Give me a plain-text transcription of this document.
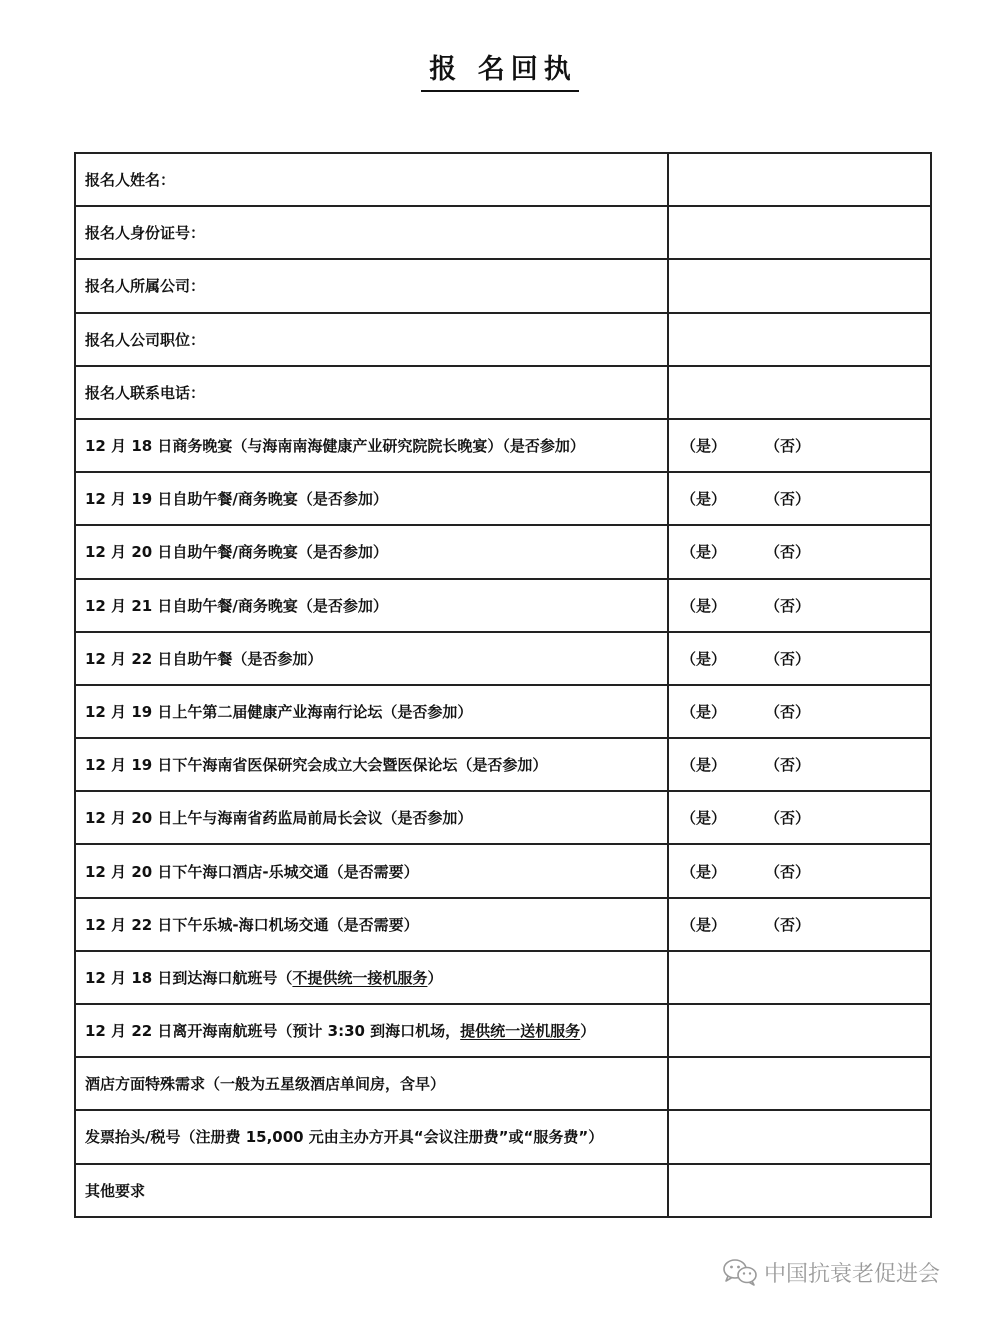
报 名回执
报名人姓名：	
报名人身份证号：	
报名人所属公司：	
报名人公司职位：	
报名人联系电话：	
12 月 18 日商务晚宴（与海南南海健康产业研究院院长晚宴）（是否参加）	（是） （否）
12 月 19 日自助午餐/商务晚宴（是否参加）	（是） （否）
12 月 20 日自助午餐/商务晚宴（是否参加）	（是） （否）
12 月 21 日自助午餐/商务晚宴（是否参加）	（是） （否）
12 月 22 日自助午餐（是否参加）	（是） （否）
12 月 19 日上午第二届健康产业海南行论坛（是否参加）	（是） （否）
12 月 19 日下午海南省医保研究会成立大会暨医保论坛（是否参加）	（是） （否）
12 月 20 日上午与海南省药监局前局长会议（是否参加）	（是） （否）
12 月 20 日下午海口酒店-乐城交通（是否需要）	（是） （否）
12 月 22 日下午乐城-海口机场交通（是否需要）	（是） （否）
12 月 18 日到达海口航班号（不提供统一接机服务）	
12 月 22 日离开海南航班号（预计 3:30 到海口机场，提供统一送机服务）	
酒店方面特殊需求（一般为五星级酒店单间房，含早）	
发票抬头/税号（注册费 15,000 元由主办方开具“会议注册费”或“服务费”）	
其他要求	
中国抗衰老促进会
